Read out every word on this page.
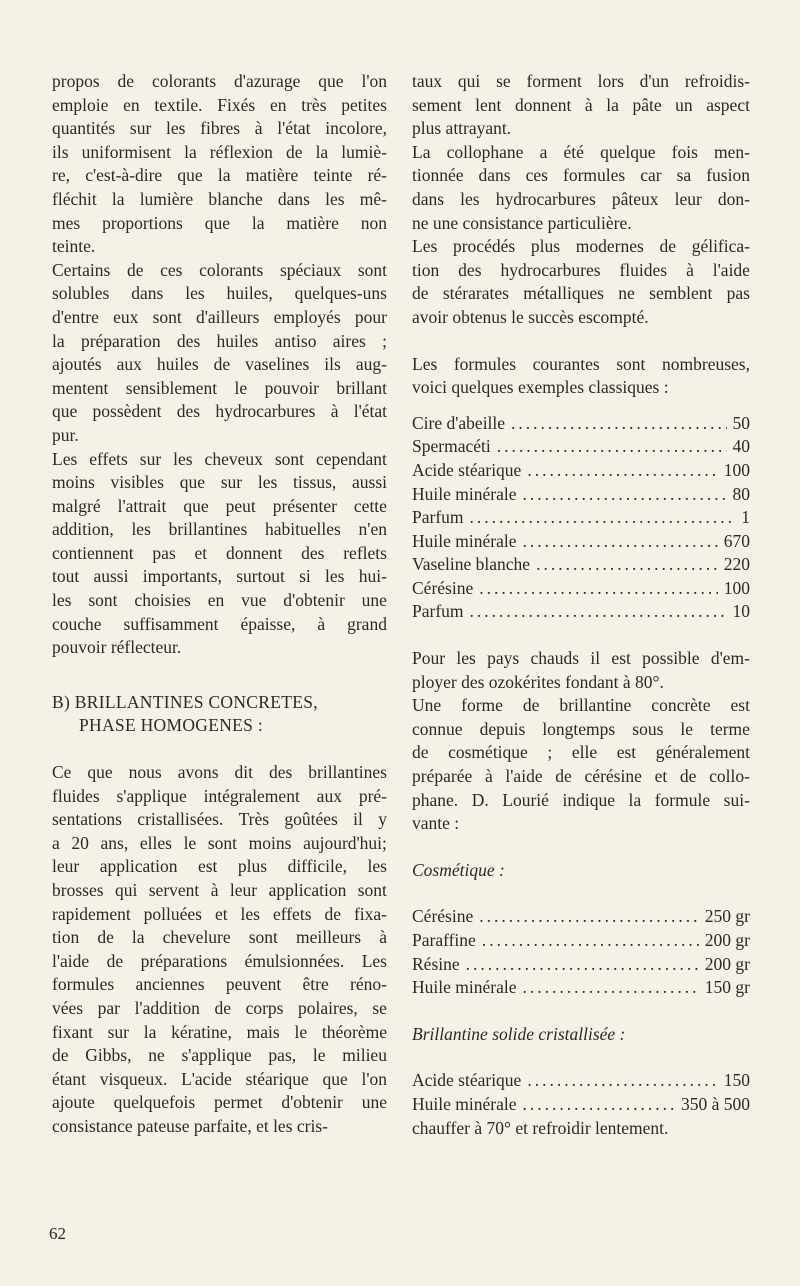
propos de colorants d'azurage que l'on
emploie en textile. Fixés en très petites
quantités sur les fibres à l'état incolore,
ils uniformisent la réflexion de la lumiè-
re, c'est-à-dire que la matière teinte ré-
fléchit la lumière blanche dans les mê-
mes proportions que la matière non
teinte.
Certains de ces colorants spéciaux sont
solubles dans les huiles, quelques-uns
d'entre eux sont d'ailleurs employés pour
la préparation des huiles antiso aires ;
ajoutés aux huiles de vaselines ils aug-
mentent sensiblement le pouvoir brillant
que possèdent des hydrocarbures à l'état
pur.
Les effets sur les cheveux sont cependant
moins visibles que sur les tissus, aussi
malgré l'attrait que peut présenter cette
addition, les brillantines habituelles n'en
contiennent pas et donnent des reflets
tout aussi importants, surtout si les hui-
les sont choisies en vue d'obtenir une
couche suffisamment épaisse, à grand
pouvoir réflecteur.
B) BRILLANTINES CONCRETES,
PHASE HOMOGENES :
Ce que nous avons dit des brillantines
fluides s'applique intégralement aux pré-
sentations cristallisées. Très goûtées il y
a 20 ans, elles le sont moins aujourd'hui;
leur application est plus difficile, les
brosses qui servent à leur application sont
rapidement polluées et les effets de fixa-
tion de la chevelure sont meilleurs à
l'aide de préparations émulsionnées. Les
formules anciennes peuvent être réno-
vées par l'addition de corps polaires, se
fixant sur la kératine, mais le théorème
de Gibbs, ne s'applique pas, le milieu
étant visqueux. L'acide stéarique que l'on
ajoute quelquefois permet d'obtenir une
consistance pateuse parfaite, et les cris-
taux qui se forment lors d'un refroidis-
sement lent donnent à la pâte un aspect
plus attrayant.
La collophane a été quelque fois men-
tionnée dans ces formules car sa fusion
dans les hydrocarbures pâteux leur don-
ne une consistance particulière.
Les procédés plus modernes de gélifica-
tion des hydrocarbures fluides à l'aide
de stérarates métalliques ne semblent pas
avoir obtenus le succès escompté.
Les formules courantes sont nombreuses,
voici quelques exemples classiques :
Cire d'abeille .....	50
Spermacéti .....	40
Acide stéarique .....	100
Huile minérale .....	80
Parfum .....	1
Huile minérale .....	670
Vaseline blanche .....	220
Cérésine .....	100
Parfum .....	10
Pour les pays chauds il est possible d'em-
ployer des ozokérites fondant à 80°.
Une forme de brillantine concrète est
connue depuis longtemps sous le terme
de cosmétique ; elle est généralement
préparée à l'aide de cérésine et de collo-
phane. D. Lourié indique la formule sui-
vante :
Cosmétique :
Cérésine .....	250 gr
Paraffine .....	200 gr
Résine .....	200 gr
Huile minérale .....	150 gr
Brillantine solide cristallisée :
Acide stéarique .....	150
Huile minérale .....	350 à 500
chauffer à 70° et refroidir lentement.
62
